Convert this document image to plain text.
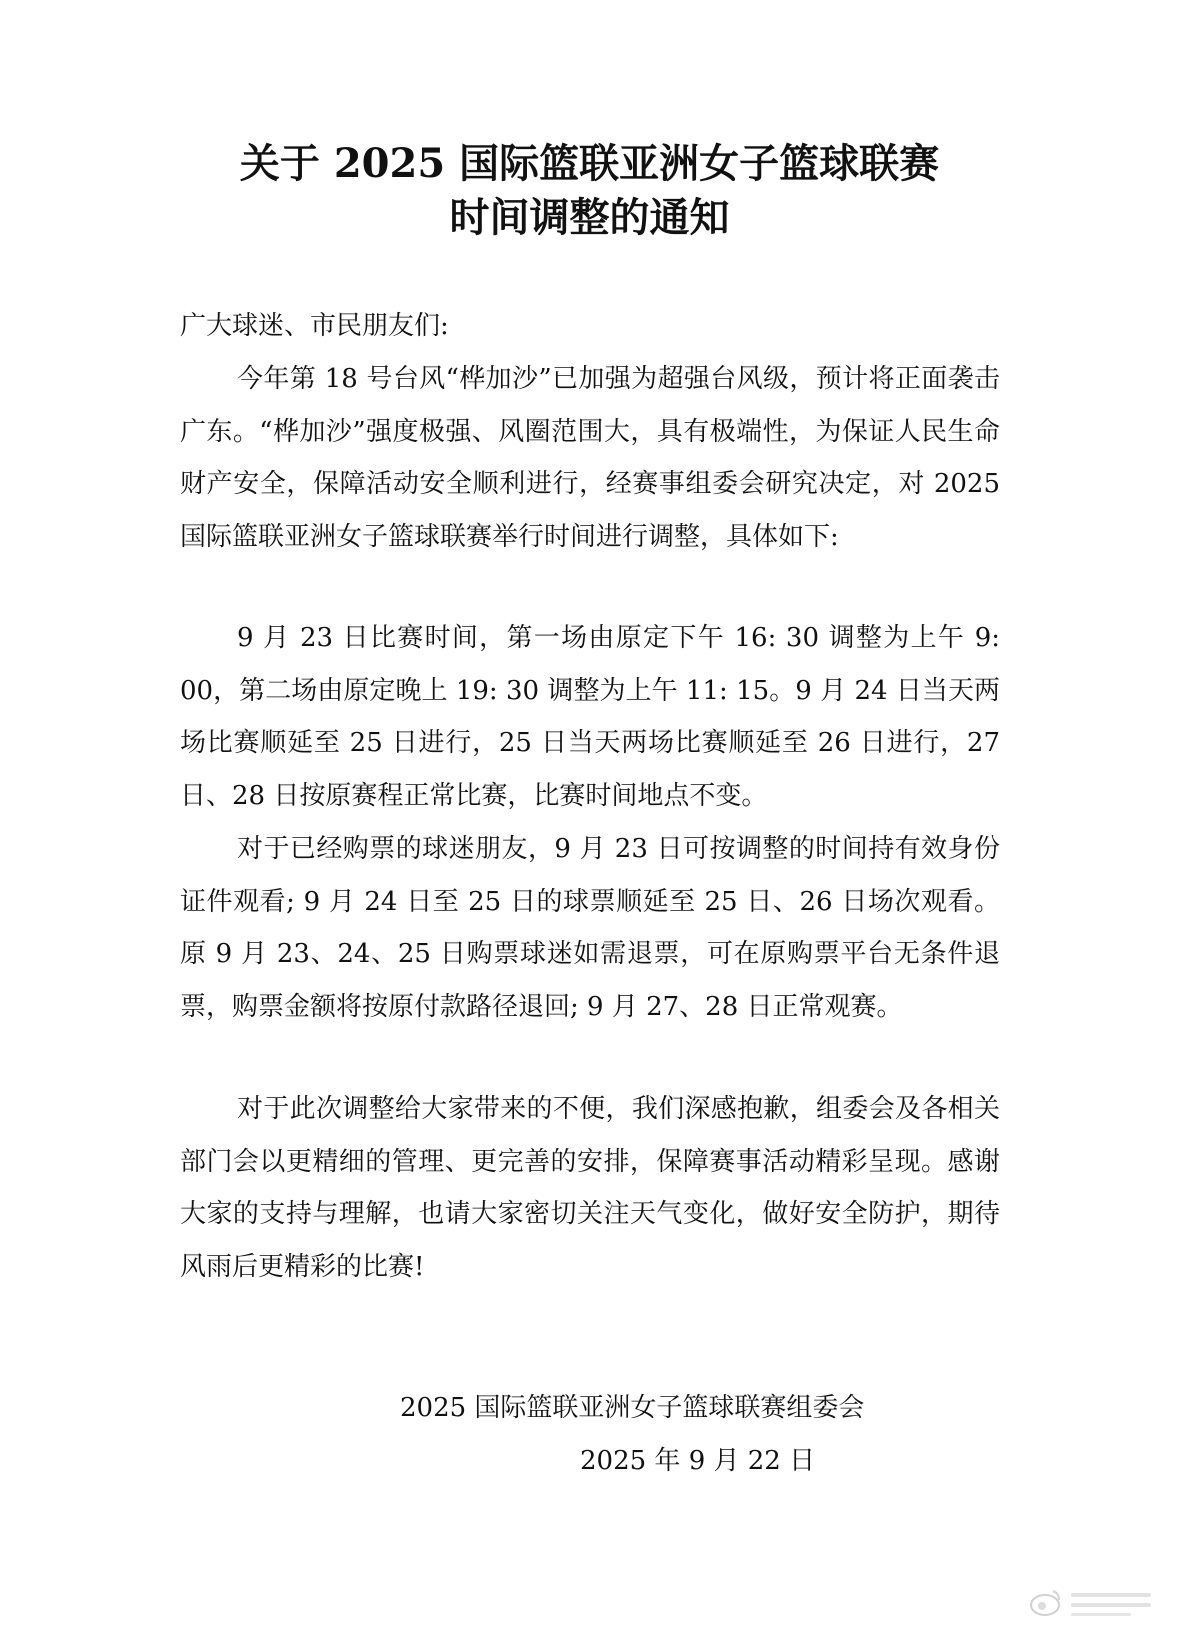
关于 2025 国际篮联亚洲女子篮球联赛
时间调整的通知
广大球迷、市民朋友们:

今年第 18 号台风“桦加沙”已加强为超强台风级，预计将正面袭击广东。“桦加沙”强度极强、风圈范围大，具有极端性，为保证人民生命财产安全，保障活动安全顺利进行，经赛事组委会研究决定，对 2025 国际篮联亚洲女子篮球联赛举行时间进行调整，具体如下:

9 月 23 日比赛时间，第一场由原定下午 16: 30 调整为上午 9: 00，第二场由原定晚上 19: 30 调整为上午 11: 15。9 月 24 日当天两场比赛顺延至 25 日进行，25 日当天两场比赛顺延至 26 日进行，27 日、28 日按原赛程正常比赛，比赛时间地点不变。

对于已经购票的球迷朋友，9 月 23 日可按调整的时间持有效身份证件观看; 9 月 24 日至 25 日的球票顺延至 25 日、26 日场次观看。原 9 月 23、24、25 日购票球迷如需退票，可在原购票平台无条件退票，购票金额将按原付款路径退回; 9 月 27、28 日正常观赛。

对于此次调整给大家带来的不便，我们深感抱歉，组委会及各相关部门会以更精细的管理、更完善的安排，保障赛事活动精彩呈现。感谢大家的支持与理解，也请大家密切关注天气变化，做好安全防护，期待风雨后更精彩的比赛!

2025 国际篮联亚洲女子篮球联赛组委会
2025 年 9 月 22 日
